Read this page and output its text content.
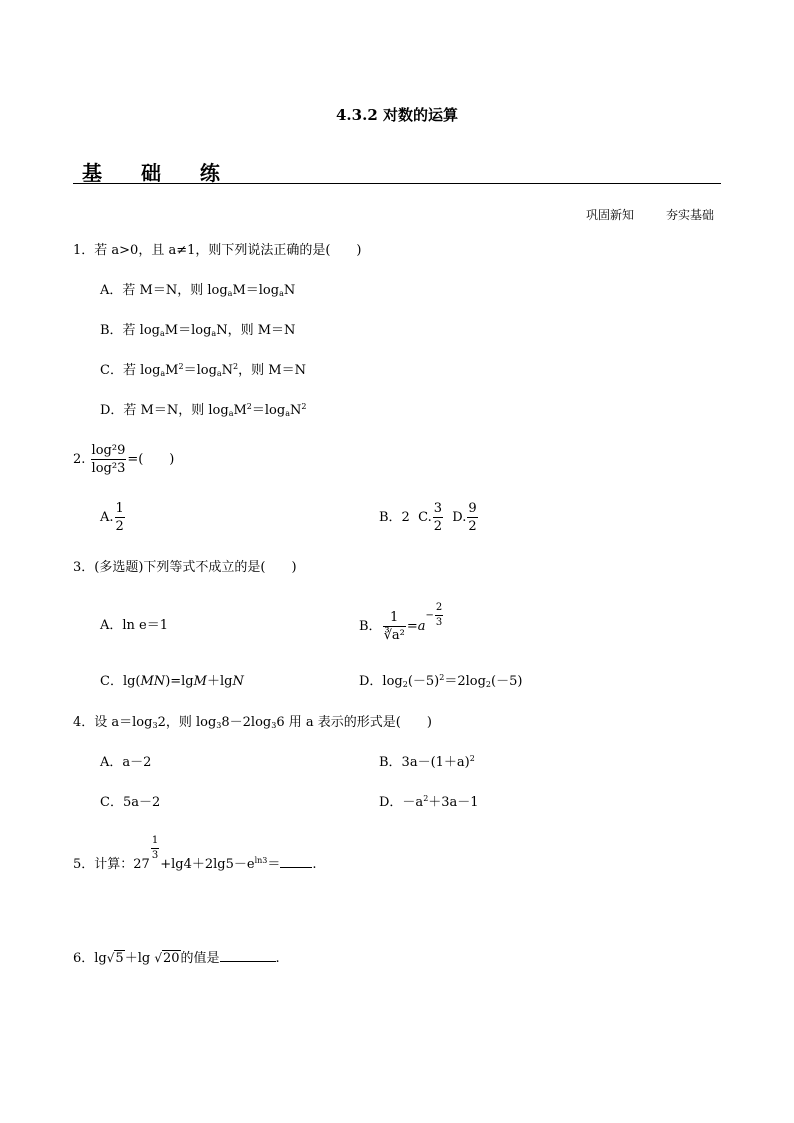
4.3.2 对数的运算
基 础 练
巩固新知	夯实基础
1．若 a>0，且 a≠1，则下列说法正确的是(　　)
A．若 M＝N，则 $\log_aM=\log_aN$
B．若 $\log_aM=\log_aN$，则 M＝N
C．若 $\log_aM^2=\log_aN^2$，则 M＝N
D．若 M＝N，则 $\log_aM^2=\log_aN^2$
2. $\frac{\text{log²9}}{\text{log²3}}$ =(　　)
A. $\frac{1}{2}$	B．2 C. $\frac{3}{2} D$. $\frac{9}{2}$
3．(多选题)下列等式不成立的是(　　)
A．ln e＝1	B． $\frac{1}{\text{∛a²}} =a^{- \frac{2}{3}}$
C．lg(MN)=lgM＋lgN	D．$\log_2(-5)^2=2\log_2(-5)$
4．设 $a=\log_32$，则 $\log_38-2\log_36$ 用 a 表示的形式是(　　)
A．a－2	B．$3a-(1+a)^2$
C．5a－2	D．$-a^2+3a-1$
5．计算：27
$\frac{1}{3}$
$+\lg 4+2\lg 5-e^{ln3}=$ .
6．lg√5＋lg √20的值是	.
